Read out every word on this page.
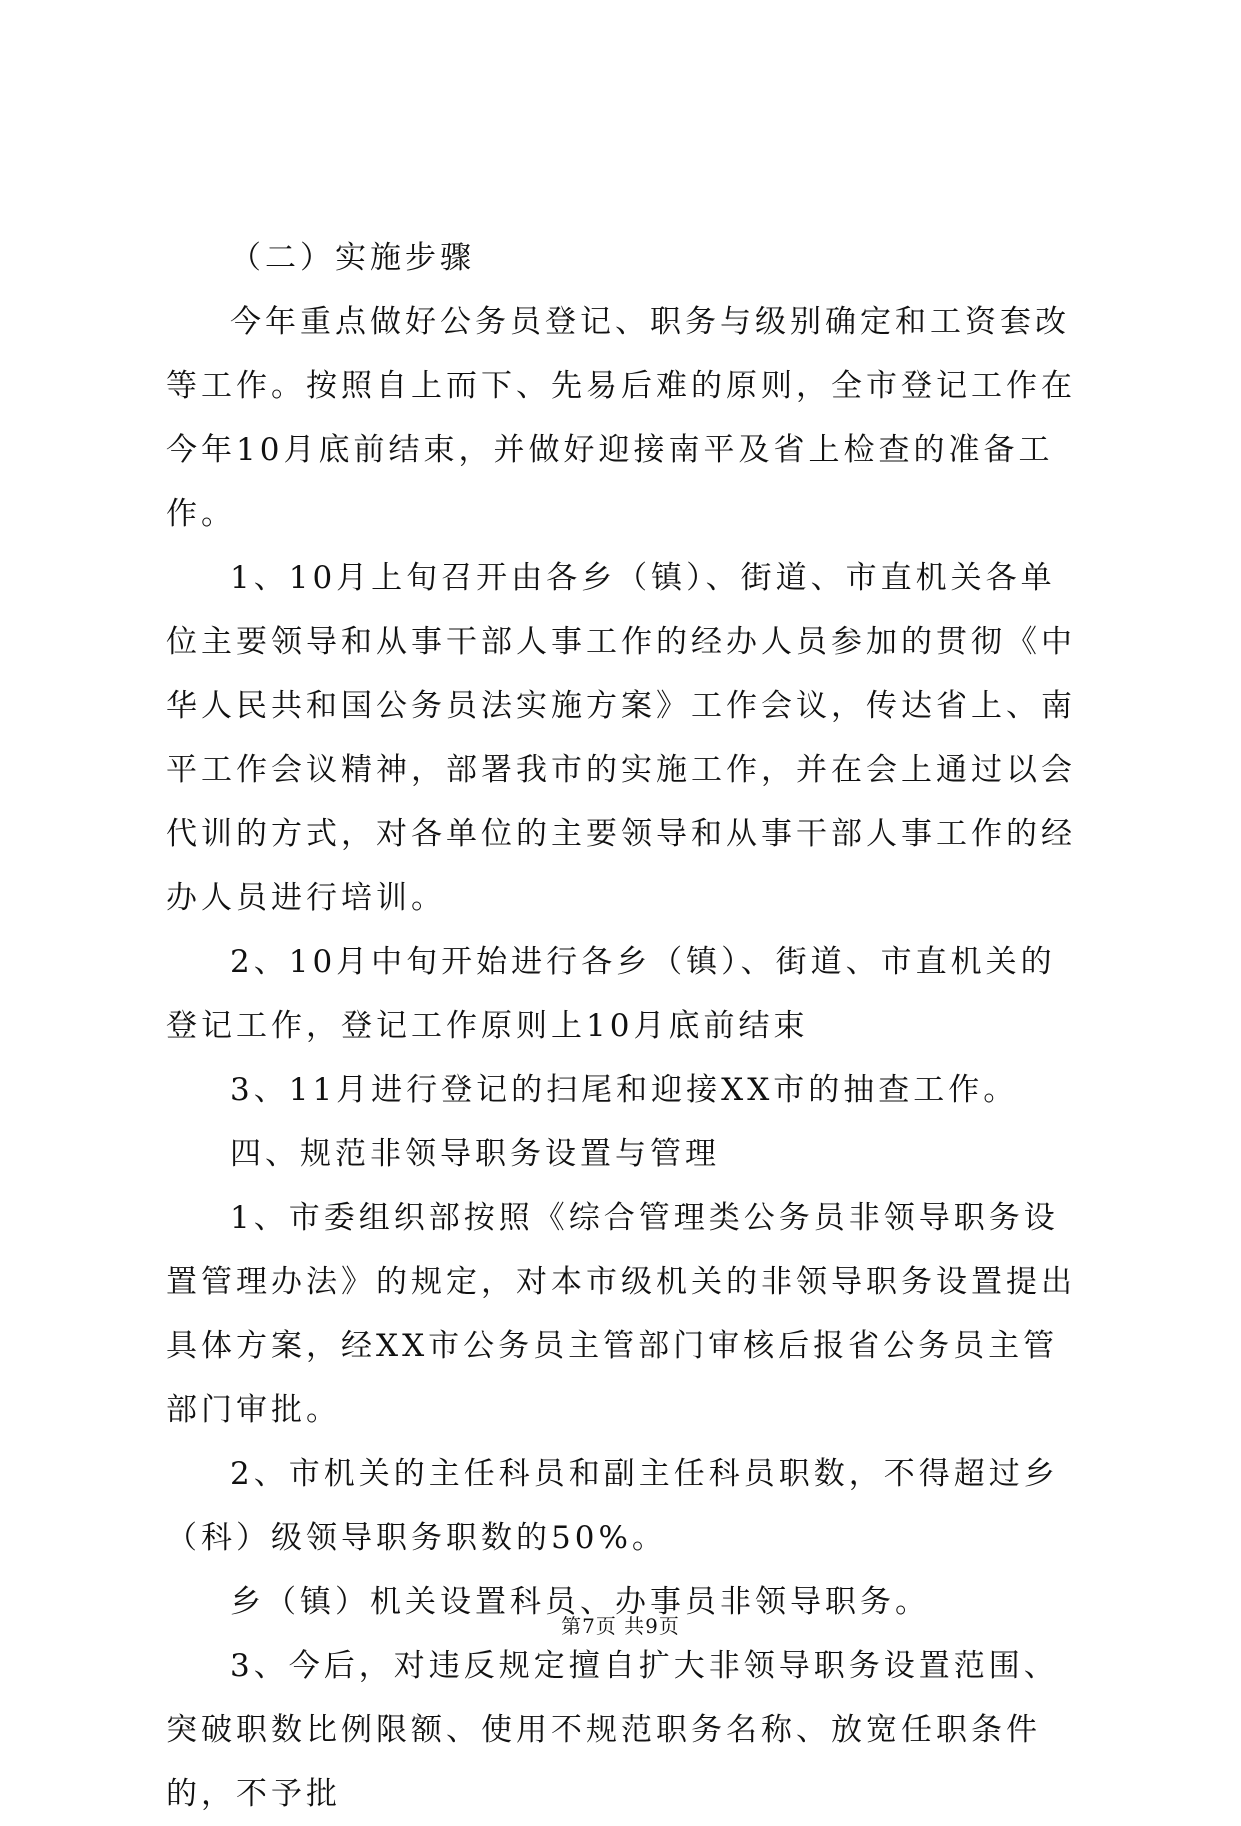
（二）实施步骤

今年重点做好公务员登记、职务与级别确定和工资套改等工作。按照自上而下、先易后难的原则，全市登记工作在今年10月底前结束，并做好迎接南平及省上检查的准备工作。

1、10月上旬召开由各乡（镇）、街道、市直机关各单位主要领导和从事干部人事工作的经办人员参加的贯彻《中华人民共和国公务员法实施方案》工作会议，传达省上、南平工作会议精神，部署我市的实施工作，并在会上通过以会代训的方式，对各单位的主要领导和从事干部人事工作的经办人员进行培训。

2、10月中旬开始进行各乡（镇）、街道、市直机关的登记工作，登记工作原则上10月底前结束

3、11月进行登记的扫尾和迎接XX市的抽查工作。

四、规范非领导职务设置与管理

1、市委组织部按照《综合管理类公务员非领导职务设置管理办法》的规定，对本市级机关的非领导职务设置提出具体方案，经XX市公务员主管部门审核后报省公务员主管部门审批。

2、市机关的主任科员和副主任科员职数，不得超过乡（科）级领导职务职数的50%。

乡（镇）机关设置科员、办事员非领导职务。

3、今后，对违反规定擅自扩大非领导职务设置范围、突破职数比例限额、使用不规范职务名称、放宽任职条件的，不予批

第7页 共9页
